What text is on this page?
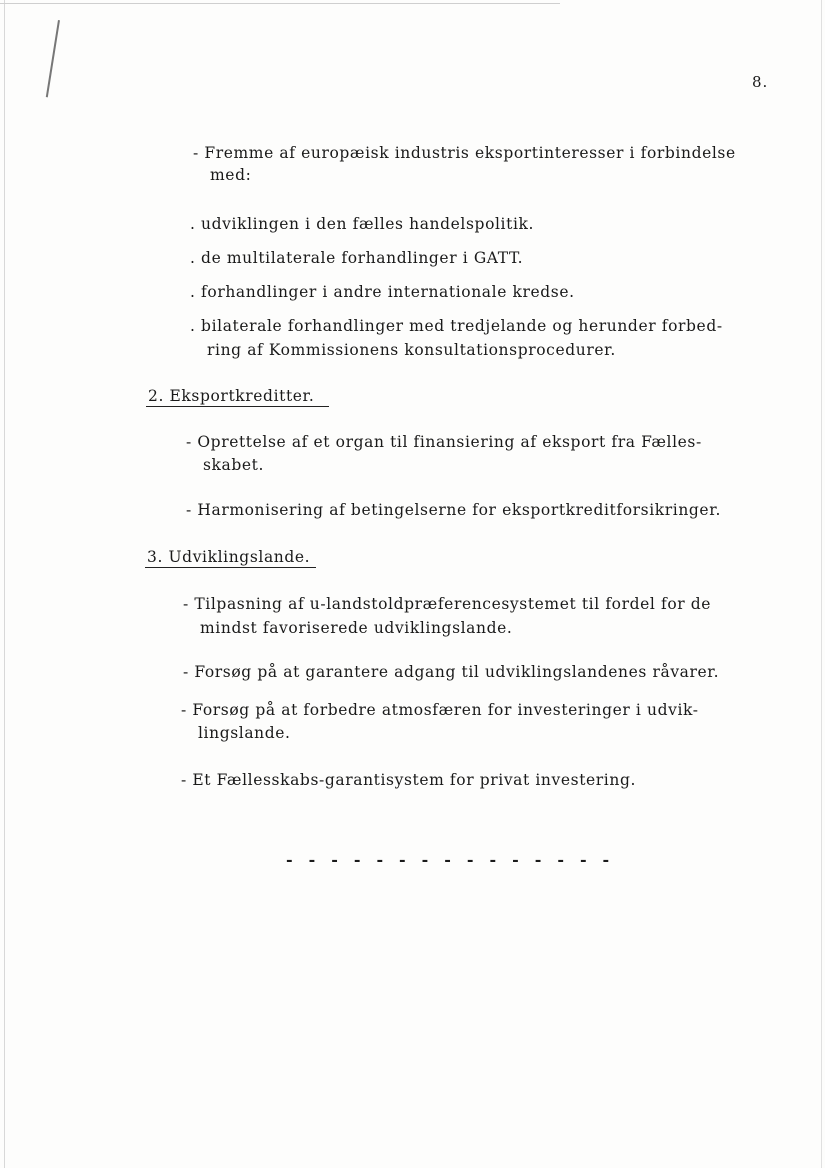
8.
- Fremme af europæisk industris eksportinteresser i forbindelse
med:
. udviklingen i den fælles handelspolitik.
. de multilaterale forhandlinger i GATT.
. forhandlinger i andre internationale kredse.
. bilaterale forhandlinger med tredjelande og herunder forbed-
ring af Kommissionens konsultationsprocedurer.
2. Eksportkreditter.
- Oprettelse af et organ til finansiering af eksport fra Fælles-
skabet.
- Harmonisering af betingelserne for eksportkreditforsikringer.
3. Udviklingslande.
- Tilpasning af u-landstoldpræferencesystemet til fordel for de
mindst favoriserede udviklingslande.
- Forsøg på at garantere adgang til udviklingslandenes råvarer.
- Forsøg på at forbedre atmosfæren for investeringer i udvik-
lingslande.
- Et Fællesskabs-garantisystem for privat investering.
- - - - - - - - - - - - - - -
